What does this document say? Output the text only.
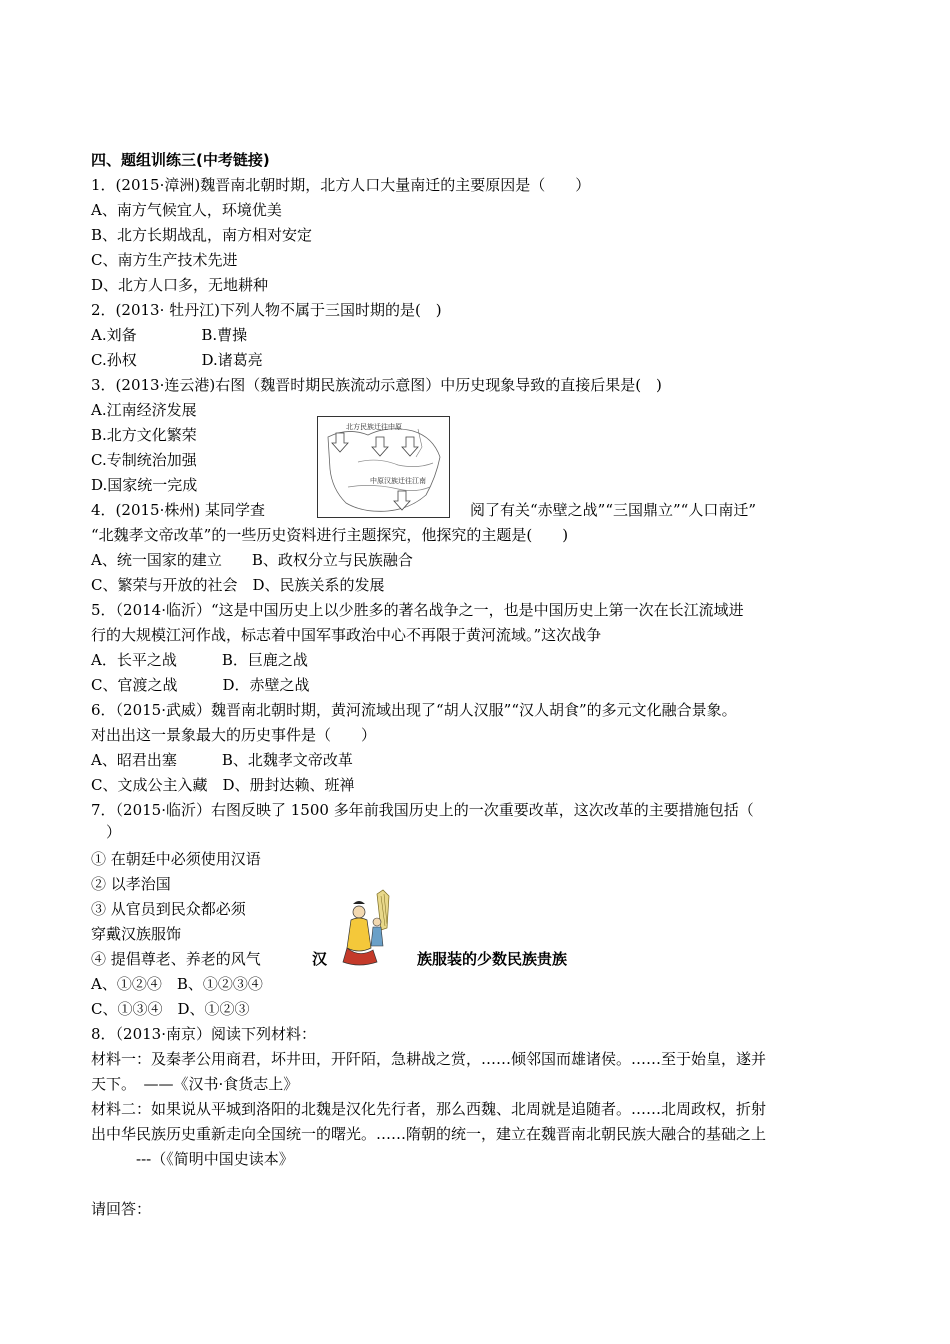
四、题组训练三(中考链接)
1．(2015·漳洲)魏晋南北朝时期，北方人口大量南迁的主要原因是（　　）
A、南方气候宜人，环境优美
B、北方长期战乱，南方相对安定
C、南方生产技术先进
D、北方人口多，无地耕种
2．(2013· 牡丹江)下列人物不属于三国时期的是(　)
A.刘备　　　　 B.曹操
C.孙权　　　　 D.诸葛亮
3．(2013·连云港)右图（魏晋时期民族流动示意图）中历史现象导致的直接后果是(　)
A.江南经济发展
B.北方文化繁荣
C.专制统治加强
D.国家统一完成
北方民族迁往中原
中原汉族迁往江南
4．(2015·株州) 某同学查	阅了有关“赤壁之战”“三国鼎立”“人口南迁”
“北魏孝文帝改革”的一些历史资料进行主题探究，他探究的主题是(　　)
A、统一国家的建立　　B、政权分立与民族融合
C、繁荣与开放的社会　D、民族关系的发展
5．（2014·临沂）“这是中国历史上以少胜多的著名战争之一，也是中国历史上第一次在长江流域进
行的大规模江河作战，标志着中国军事政治中心不再限于黄河流域。”这次战争
A．长平之战　　　B．巨鹿之战
C、官渡之战　　　D．赤壁之战
6．（2015·武威）魏晋南北朝时期，黄河流域出现了“胡人汉服”“汉人胡食”的多元文化融合景象。
对出出这一景象最大的历史事件是（　　）
A、昭君出塞　　　B、北魏孝文帝改革
C、文成公主入藏　D、册封达赖、班禅
7．（2015·临沂）右图反映了 1500 多年前我国历史上的一次重要改革，这次改革的主要措施包括（
　）
① 在朝廷中必须使用汉语
② 以孝治国
③ 从官员到民众都必须
穿戴汉族服饰
④ 提倡尊老、养老的风气	汉	族服装的少数民族贵族
A、①②④　B、①②③④
C、①③④　D、①②③
8．（2013·南京）阅读下列材料：
材料一：及秦孝公用商君，坏井田，开阡陌，急耕战之赏，……倾邻国而雄诸侯。……至于始皇，遂并
天下。　——《汉书·食货志上》
材料二：如果说从平城到洛阳的北魏是汉化先行者，那么西魏、北周就是追随者。……北周政权，折射
出中华民族历史重新走向全国统一的曙光。……隋朝的统一，建立在魏晋南北朝民族大融合的基础之上
---（《简明中国史读本》
请回答：
